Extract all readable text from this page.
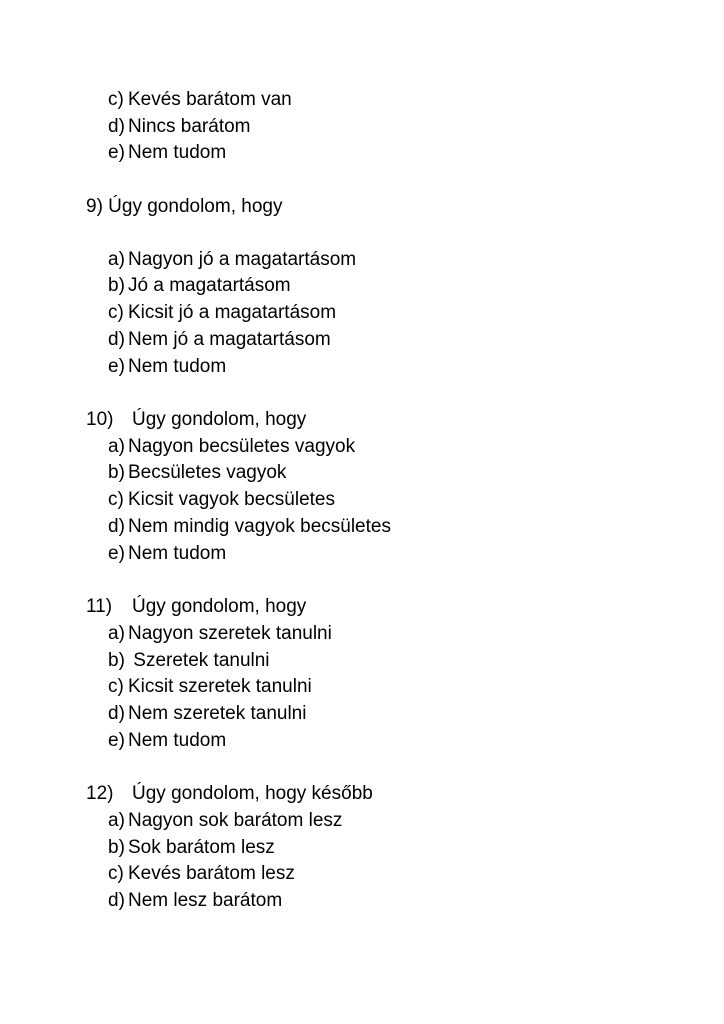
c) Kevés barátom van
d) Nincs barátom
e) Nem tudom
9) Úgy gondolom, hogy
a) Nagyon jó a magatartásom
b) Jó a magatartásom
c) Kicsit jó a magatartásom
d) Nem jó a magatartásom
e) Nem tudom
10) Úgy gondolom, hogy
a) Nagyon becsületes vagyok
b) Becsületes vagyok
c) Kicsit vagyok becsületes
d) Nem mindig vagyok becsületes
e) Nem tudom
11) Úgy gondolom, hogy
a) Nagyon szeretek tanulni
b) Szeretek tanulni
c) Kicsit szeretek tanulni
d) Nem szeretek tanulni
e) Nem tudom
12) Úgy gondolom, hogy később
a) Nagyon sok barátom lesz
b) Sok barátom lesz
c) Kevés barátom lesz
d) Nem lesz barátom
